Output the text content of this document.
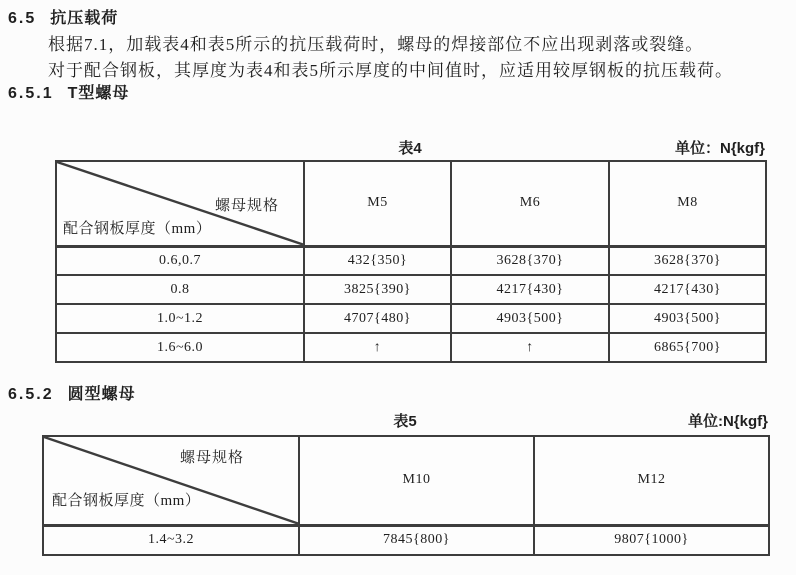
6.5 抗压载荷
根据7.1，加载表4和表5所示的抗压载荷时，螺母的焊接部位不应出现剥落或裂缝。
对于配合钢板，其厚度为表4和表5所示厚度的中间值时，应适用较厚钢板的抗压载荷。
6.5.1 T型螺母
表4	单位：N{kgf}
螺母规格
配合钢板厚度（mm）	M5	M6	M8
0.6,0.7	432{350}	3628{370}	3628{370}
0.8	3825{390}	4217{430}	4217{430}
1.0~1.2	4707{480}	4903{500}	4903{500}
1.6~6.0	↑	↑	6865{700}
6.5.2 圆型螺母
表5	单位:N{kgf}
螺母规格
配合钢板厚度（mm）	M10	M12
1.4~3.2	7845{800}	9807{1000}
